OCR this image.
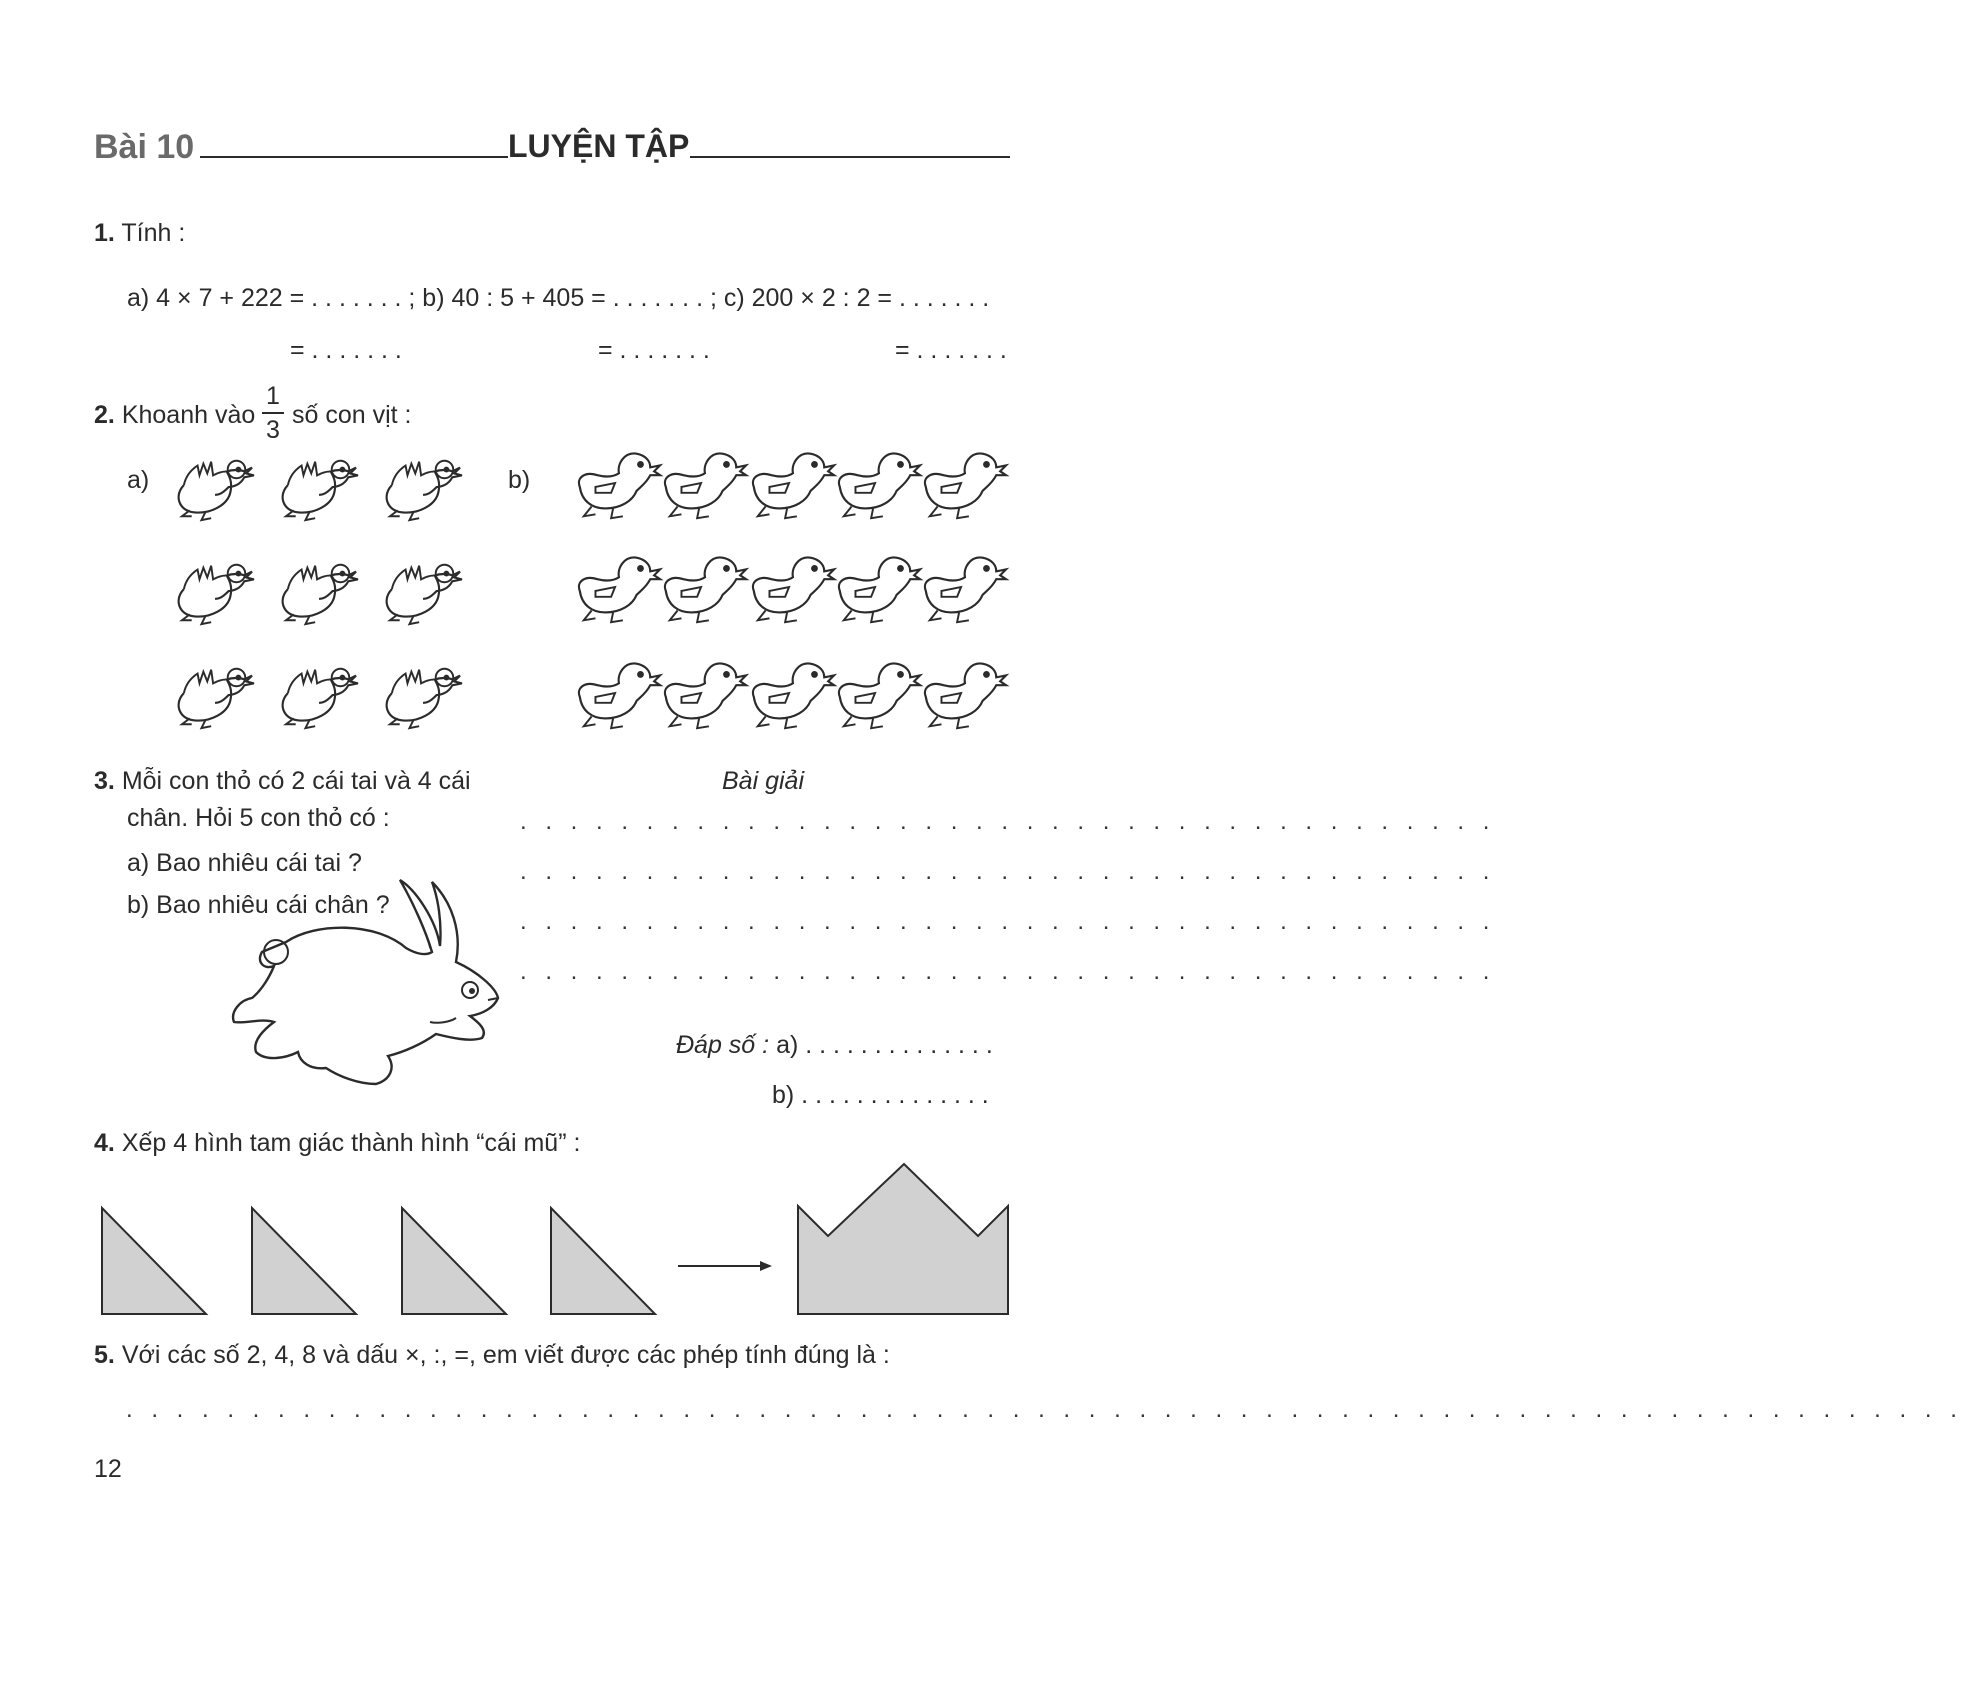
Bài 10	LUYỆN TẬP
1. Tính :
a) 4 × 7 + 222 = . . . . . . . ; b) 40 : 5 + 405 = . . . . . . . ; c) 200 × 2 : 2 = . . . . . . .
= . . . . . . .	= . . . . . . .	= . . . . . . .
2. Khoanh vào
1
3
số con vịt :
a)	b)
3. Mỗi con thỏ có 2 cái tai và 4 cái
chân. Hỏi 5 con thỏ có :
a) Bao nhiêu cái tai ?
b) Bao nhiêu cái chân ?
Bài giải
. . . . . . . . . . . . . . . . . . . . . . . . . . . . . . . . . . . . . . .
. . . . . . . . . . . . . . . . . . . . . . . . . . . . . . . . . . . . . . .
. . . . . . . . . . . . . . . . . . . . . . . . . . . . . . . . . . . . . . .
. . . . . . . . . . . . . . . . . . . . . . . . . . . . . . . . . . . . . . .
Đáp số : a) . . . . . . . . . . . . . .
b) . . . . . . . . . . . . . .
4. Xếp 4 hình tam giác thành hình “cái mũ” :
5. Với các số 2, 4, 8 và dấu ×, :, =, em viết được các phép tính đúng là :
. . . . . . . . . . . . . . . . . . . . . . . . . . . . . . . . . . . . . . . . . . . . . . . . . . . . . . . . . . . . . . . . . . . . . . . . .
12
